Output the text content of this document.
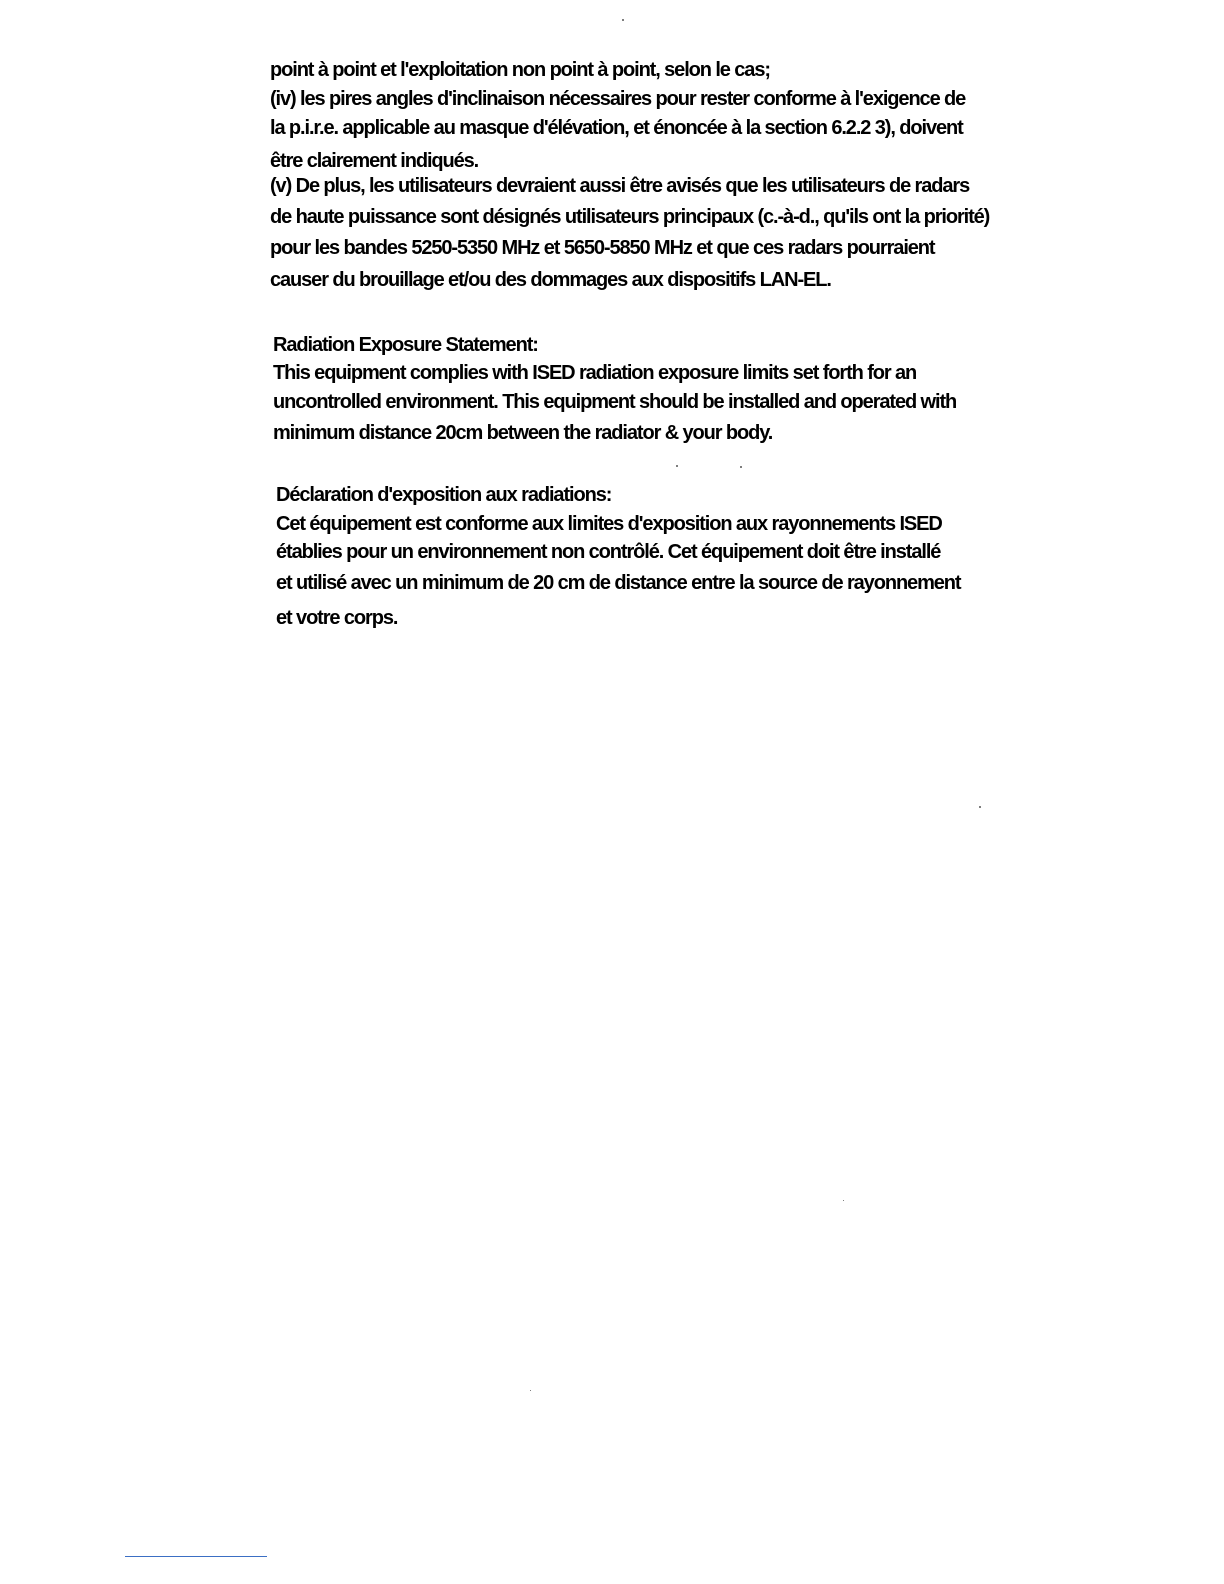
point à point et l'exploitation non point à point, selon le cas;
(iv) les pires angles d'inclinaison nécessaires pour rester conforme à l'exigence de
la p.i.r.e. applicable au masque d'élévation, et énoncée à la section 6.2.2 3), doivent
être clairement indiqués.
(v) De plus, les utilisateurs devraient aussi être avisés que les utilisateurs de radars
de haute puissance sont désignés utilisateurs principaux (c.-à-d., qu'ils ont la priorité)
pour les bandes 5250-5350 MHz et 5650-5850 MHz et que ces radars pourraient
causer du brouillage et/ou des dommages aux dispositifs LAN-EL.
Radiation Exposure Statement:
This equipment complies with ISED radiation exposure limits set forth for an
uncontrolled environment. This equipment should be installed and operated with
minimum distance 20cm between the radiator & your body.
Déclaration d'exposition aux radiations:
Cet équipement est conforme aux limites d'exposition aux rayonnements ISED
établies pour un environnement non contrôlé. Cet équipement doit être installé
et utilisé avec un minimum de 20 cm de distance entre la source de rayonnement
et votre corps.
